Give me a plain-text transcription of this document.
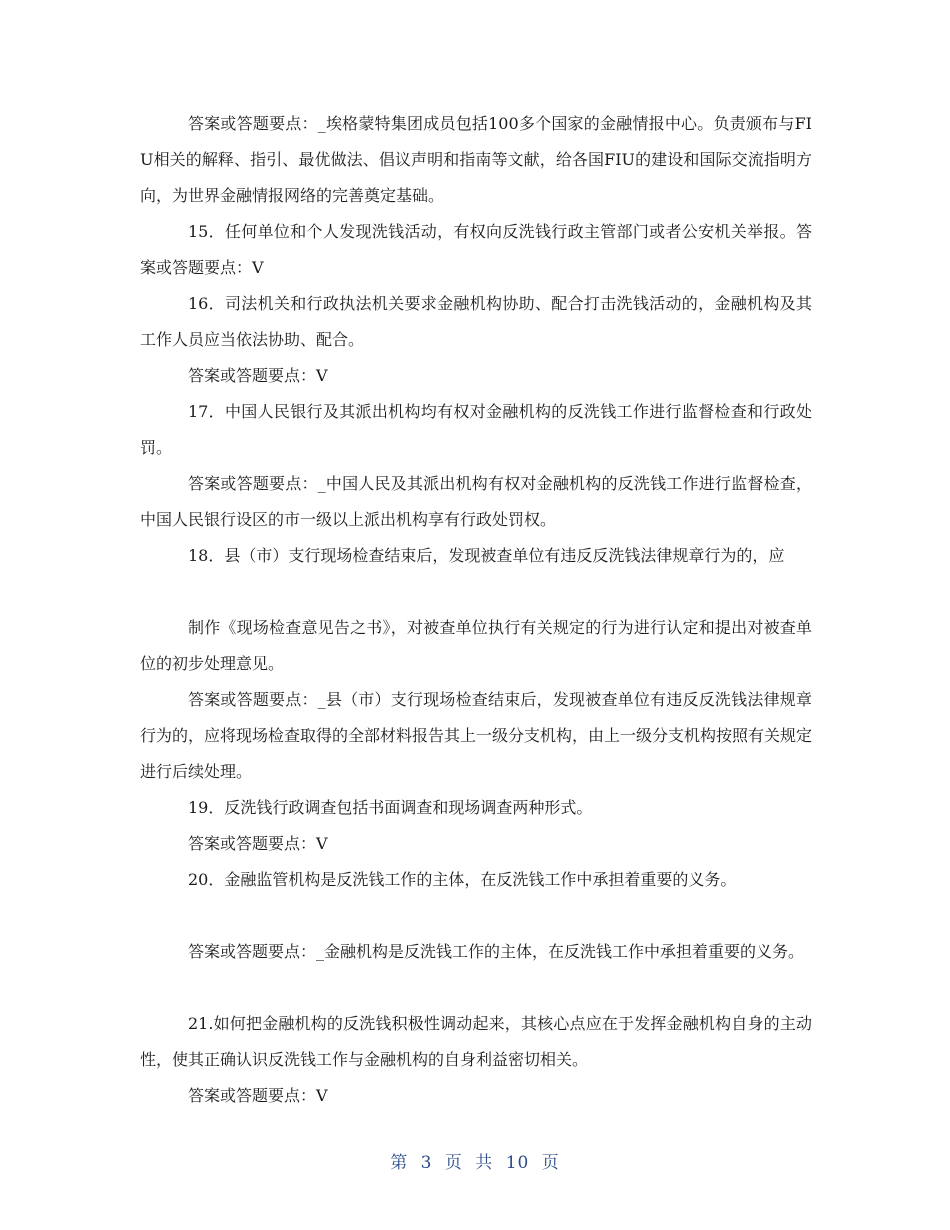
答案或答题要点：_埃格蒙特集团成员包括100多个国家的金融情报中心。负责颁布与FIU相关的解释、指引、最优做法、倡议声明和指南等文献，给各国FIU的建设和国际交流指明方向，为世界金融情报网络的完善奠定基础。

15．任何单位和个人发现洗钱活动，有权向反洗钱行政主管部门或者公安机关举报。答案或答题要点：V

16．司法机关和行政执法机关要求金融机构协助、配合打击洗钱活动的，金融机构及其工作人员应当依法协助、配合。

答案或答题要点：V

17．中国人民银行及其派出机构均有权对金融机构的反洗钱工作进行监督检查和行政处罚。

答案或答题要点：_中国人民及其派出机构有权对金融机构的反洗钱工作进行监督检查，中国人民银行设区的市一级以上派出机构享有行政处罚权。

18．县（市）支行现场检查结束后，发现被查单位有违反反洗钱法律规章行为的，应

制作《现场检查意见告之书》，对被查单位执行有关规定的行为进行认定和提出对被查单位的初步处理意见。

答案或答题要点：_县（市）支行现场检查结束后，发现被查单位有违反反洗钱法律规章行为的，应将现场检查取得的全部材料报告其上一级分支机构，由上一级分支机构按照有关规定进行后续处理。

19．反洗钱行政调查包括书面调查和现场调查两种形式。

答案或答题要点：V

20．金融监管机构是反洗钱工作的主体，在反洗钱工作中承担着重要的义务。

答案或答题要点：_金融机构是反洗钱工作的主体，在反洗钱工作中承担着重要的义务。

21.如何把金融机构的反洗钱积极性调动起来，其核心点应在于发挥金融机构自身的主动性，使其正确认识反洗钱工作与金融机构的自身利益密切相关。

答案或答题要点：V

第 3 页 共 10 页
